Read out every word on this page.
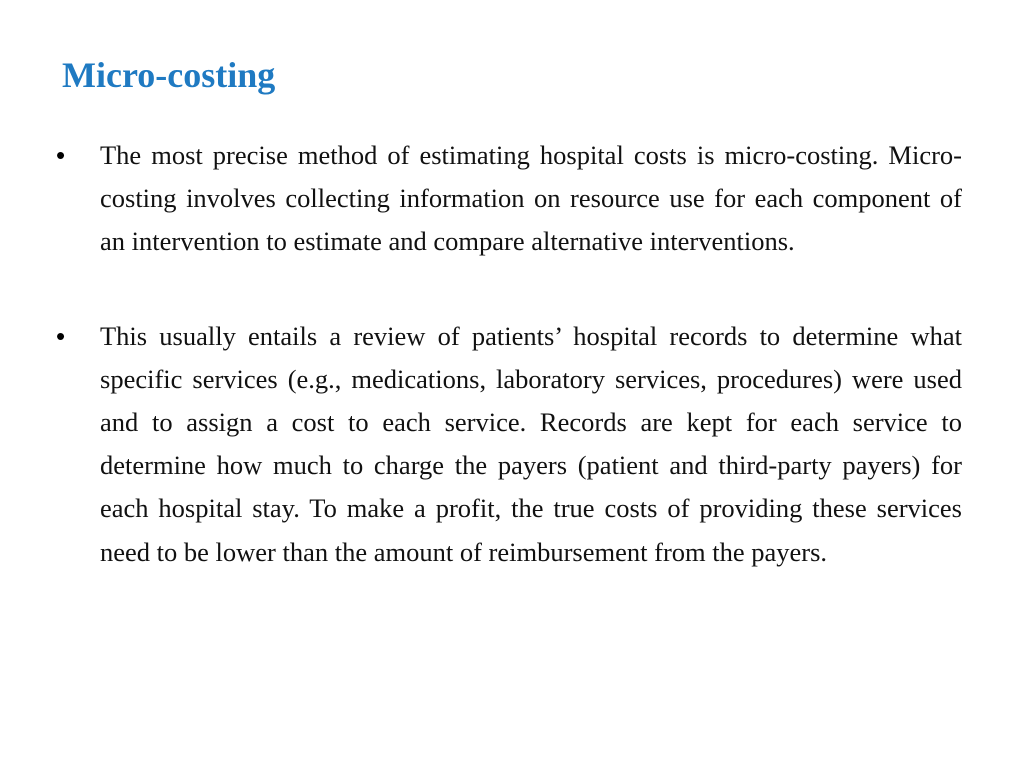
Micro-costing
• The most precise method of estimating hospital costs is micro-costing. Micro-costing involves collecting information on resource use for each component of an intervention to estimate and compare alternative interventions.
• This usually entails a review of patients’ hospital records to determine what specific services (e.g., medications, laboratory services, procedures) were used and to assign a cost to each service. Records are kept for each service to determine how much to charge the payers (patient and third-party payers) for each hospital stay. To make a profit, the true costs of providing these services need to be lower than the amount of reimbursement from the payers.
